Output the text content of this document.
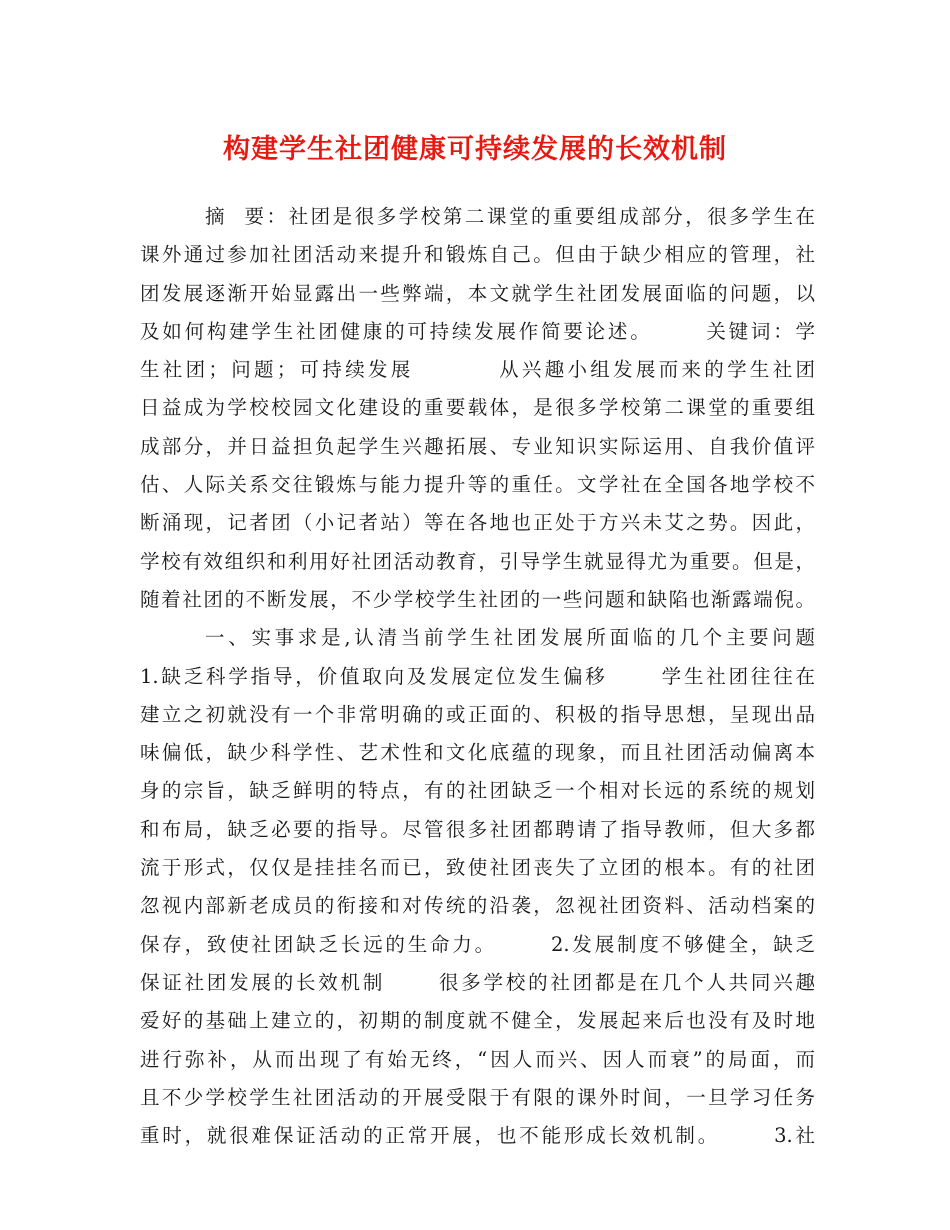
构建学生社团健康可持续发展的长效机制
摘  要：社团是很多学校第二课堂的重要组成部分，很多学生在
课外通过参加社团活动来提升和锻炼自己。但由于缺少相应的管理，社
团发展逐渐开始显露出一些弊端，本文就学生社团发展面临的问题，以
及如何构建学生社团健康的可持续发展作简要论述。      关键词：学
生社团；问题；可持续发展         从兴趣小组发展而来的学生社团
日益成为学校校园文化建设的重要载体，是很多学校第二课堂的重要组
成部分，并日益担负起学生兴趣拓展、专业知识实际运用、自我价值评
估、人际关系交往锻炼与能力提升等的重任。文学社在全国各地学校不
断涌现，记者团（小记者站）等在各地也正处于方兴未艾之势。因此，
学校有效组织和利用好社团活动教育，引导学生就显得尤为重要。但是，
随着社团的不断发展，不少学校学生社团的一些问题和缺陷也渐露端倪。
一、实事求是,认清当前学生社团发展所面临的几个主要问题
1.缺乏科学指导，价值取向及发展定位发生偏移      学生社团往往在
建立之初就没有一个非常明确的或正面的、积极的指导思想，呈现出品
味偏低，缺少科学性、艺术性和文化底蕴的现象，而且社团活动偏离本
身的宗旨，缺乏鲜明的特点，有的社团缺乏一个相对长远的系统的规划
和布局，缺乏必要的指导。尽管很多社团都聘请了指导教师，但大多都
流于形式，仅仅是挂挂名而已，致使社团丧失了立团的根本。有的社团
忽视内部新老成员的衔接和对传统的沿袭，忽视社团资料、活动档案的
保存，致使社团缺乏长远的生命力。      2.发展制度不够健全，缺乏
保证社团发展的长效机制      很多学校的社团都是在几个人共同兴趣
爱好的基础上建立的，初期的制度就不健全，发展起来后也没有及时地
进行弥补，从而出现了有始无终，“因人而兴、因人而衰”的局面，而
且不少学校学生社团活动的开展受限于有限的课外时间，一旦学习任务
重时，就很难保证活动的正常开展，也不能形成长效机制。      3.社
